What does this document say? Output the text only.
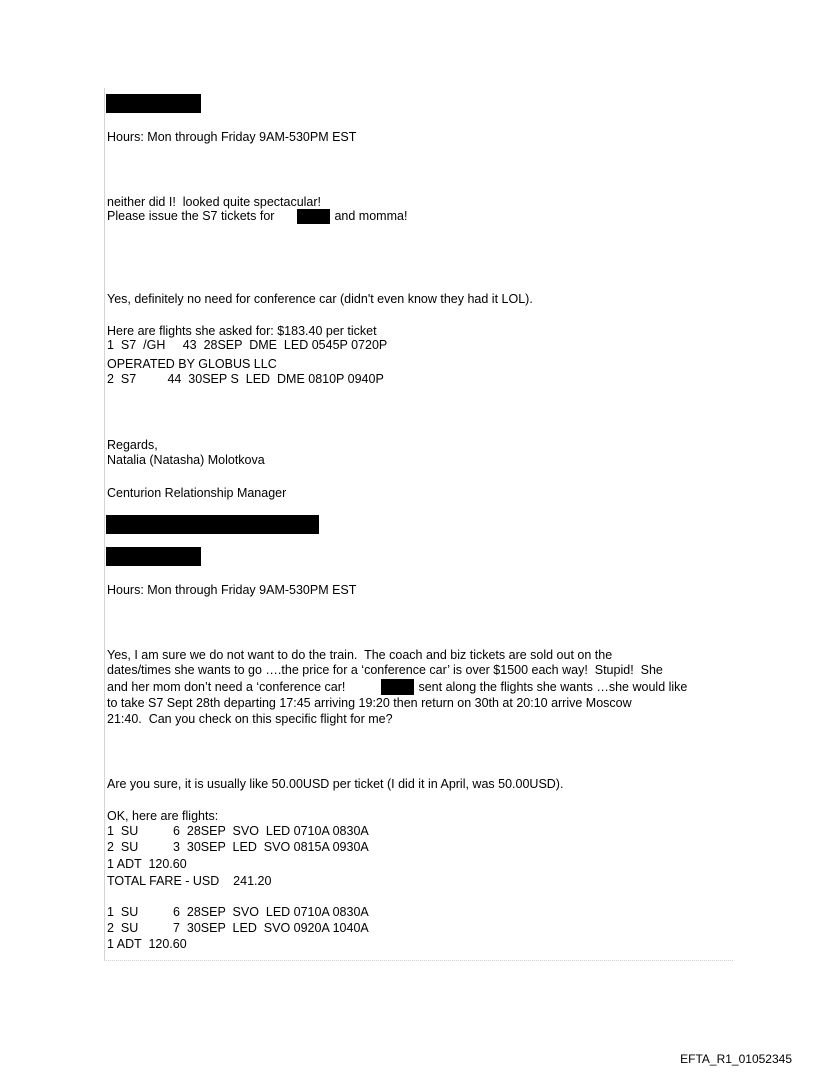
Hours: Mon through Friday 9AM-530PM EST
neither did I!  looked quite spectacular!
Please issue the S7 tickets for	and momma!
Yes, definitely no need for conference car (didn't even know they had it LOL).
Here are flights she asked for: $183.40 per ticket
1  S7  /GH     43  28SEP  DME  LED 0545P 0720P
OPERATED BY GLOBUS LLC
2  S7         44  30SEP S  LED  DME 0810P 0940P
Regards,
Natalia (Natasha) Molotkova
Centurion Relationship Manager
Hours: Mon through Friday 9AM-530PM EST
Yes, I am sure we do not want to do the train.  The coach and biz tickets are sold out on the
dates/times she wants to go ….the price for a ‘conference car’ is over $1500 each way!  Stupid!  She
and her mom don’t need a ‘conference car!	sent along the flights she wants …she would like
to take S7 Sept 28th departing 17:45 arriving 19:20 then return on 30th at 20:10 arrive Moscow
21:40.  Can you check on this specific flight for me?
Are you sure, it is usually like 50.00USD per ticket (I did it in April, was 50.00USD).
OK, here are flights:
1  SU          6  28SEP  SVO  LED 0710A 0830A
2  SU          3  30SEP  LED  SVO 0815A 0930A
1 ADT  120.60
TOTAL FARE - USD    241.20
1  SU          6  28SEP  SVO  LED 0710A 0830A
2  SU          7  30SEP  LED  SVO 0920A 1040A
1 ADT  120.60
EFTA_R1_01052345
